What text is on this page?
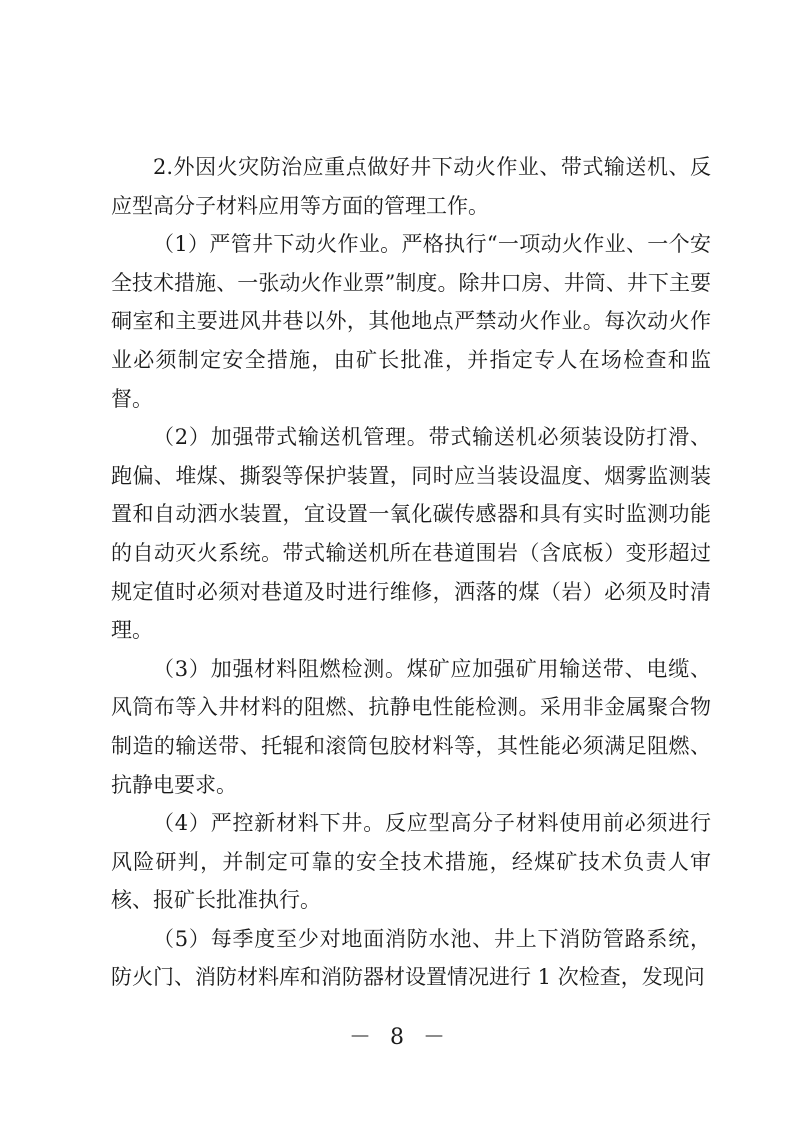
2.外因火灾防治应重点做好井下动火作业、带式输送机、反应型高分子材料应用等方面的管理工作。

（1）严管井下动火作业。严格执行“一项动火作业、一个安全技术措施、一张动火作业票”制度。除井口房、井筒、井下主要硐室和主要进风井巷以外，其他地点严禁动火作业。每次动火作业必须制定安全措施，由矿长批准，并指定专人在场检查和监督。

（2）加强带式输送机管理。带式输送机必须装设防打滑、跑偏、堆煤、撕裂等保护装置，同时应当装设温度、烟雾监测装置和自动洒水装置，宜设置一氧化碳传感器和具有实时监测功能的自动灭火系统。带式输送机所在巷道围岩（含底板）变形超过规定值时必须对巷道及时进行维修，洒落的煤（岩）必须及时清理。

（3）加强材料阻燃检测。煤矿应加强矿用输送带、电缆、风筒布等入井材料的阻燃、抗静电性能检测。采用非金属聚合物制造的输送带、托辊和滚筒包胶材料等，其性能必须满足阻燃、抗静电要求。

（4）严控新材料下井。反应型高分子材料使用前必须进行风险研判，并制定可靠的安全技术措施，经煤矿技术负责人审核、报矿长批准执行。

（5）每季度至少对地面消防水池、井上下消防管路系统，防火门、消防材料库和消防器材设置情况进行 1 次检查，发现问

－ 8 －
